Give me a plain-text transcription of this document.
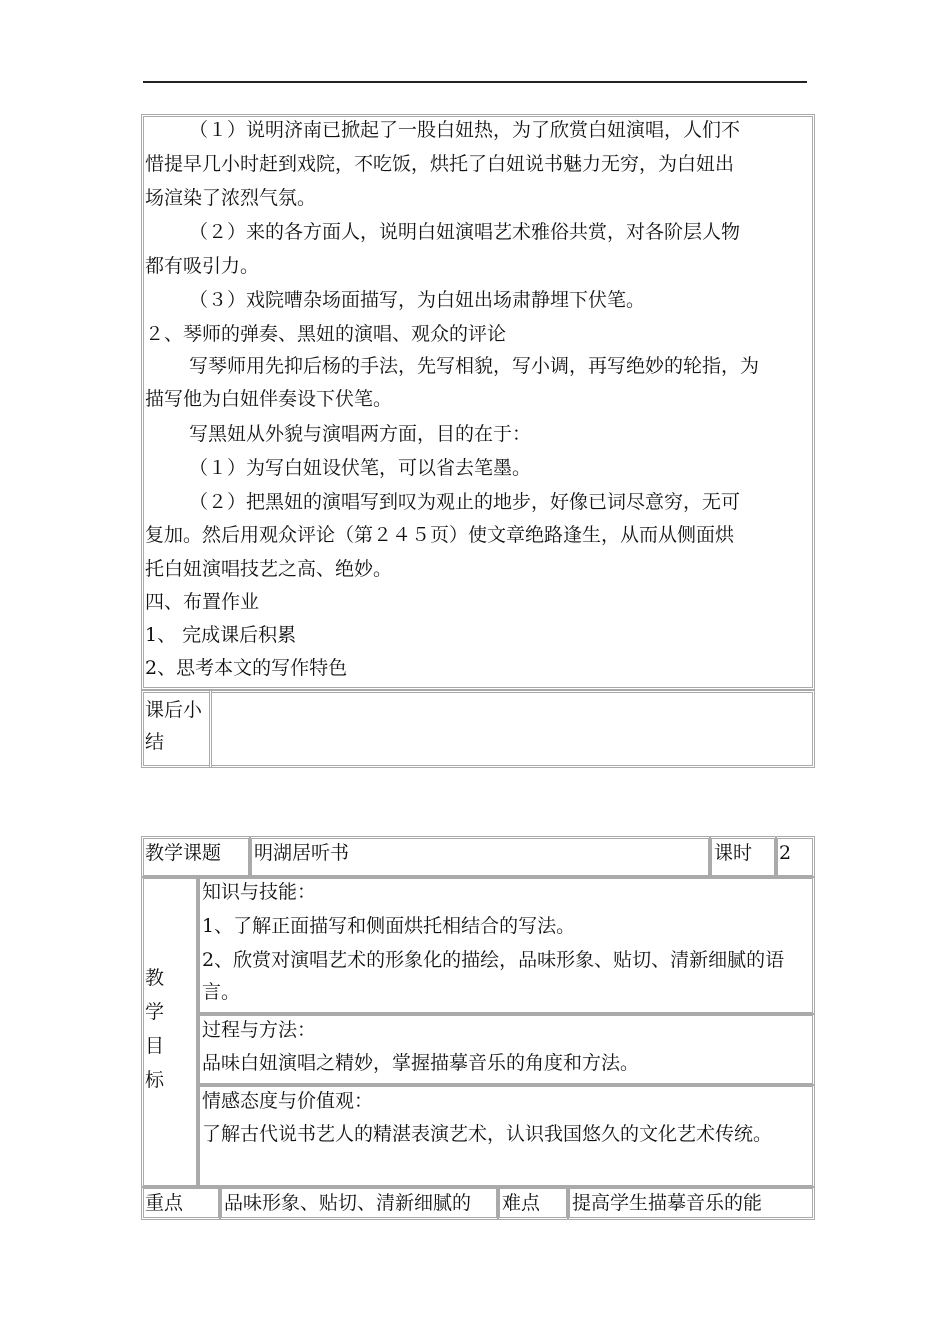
（１）说明济南已掀起了一股白妞热，为了欣赏白妞演唱，人们不
惜提早几小时赶到戏院，不吃饭，烘托了白妞说书魅力无穷，为白妞出
场渲染了浓烈气氛。
（２）来的各方面人，说明白妞演唱艺术雅俗共赏，对各阶层人物
都有吸引力。
（３）戏院嘈杂场面描写，为白妞出场肃静埋下伏笔。
２、琴师的弹奏、黑妞的演唱、观众的评论
写琴师用先抑后杨的手法，先写相貌，写小调，再写绝妙的轮指，为
描写他为白妞伴奏设下伏笔。
写黑妞从外貌与演唱两方面，目的在于：
（１）为写白妞设伏笔，可以省去笔墨。
（２）把黑妞的演唱写到叹为观止的地步，好像已词尽意穷，无可
复加。然后用观众评论（第２４５页）使文章绝路逢生，从而从侧面烘
托白妞演唱技艺之高、绝妙。
四、布置作业
1、 完成课后积累
2、思考本文的写作特色
课后小
结
教学课题 明湖居听书	课时 2
教
学
目
标
知识与技能：
1、了解正面描写和侧面烘托相结合的写法。
2、欣赏对演唱艺术的形象化的描绘，品味形象、贴切、清新细腻的语言。
过程与方法：
品味白妞演唱之精妙，掌握描摹音乐的角度和方法。
情感态度与价值观：
了解古代说书艺人的精湛表演艺术，认识我国悠久的文化艺术传统。
重点 品味形象、贴切、清新细腻的 难点 提高学生描摹音乐的能
